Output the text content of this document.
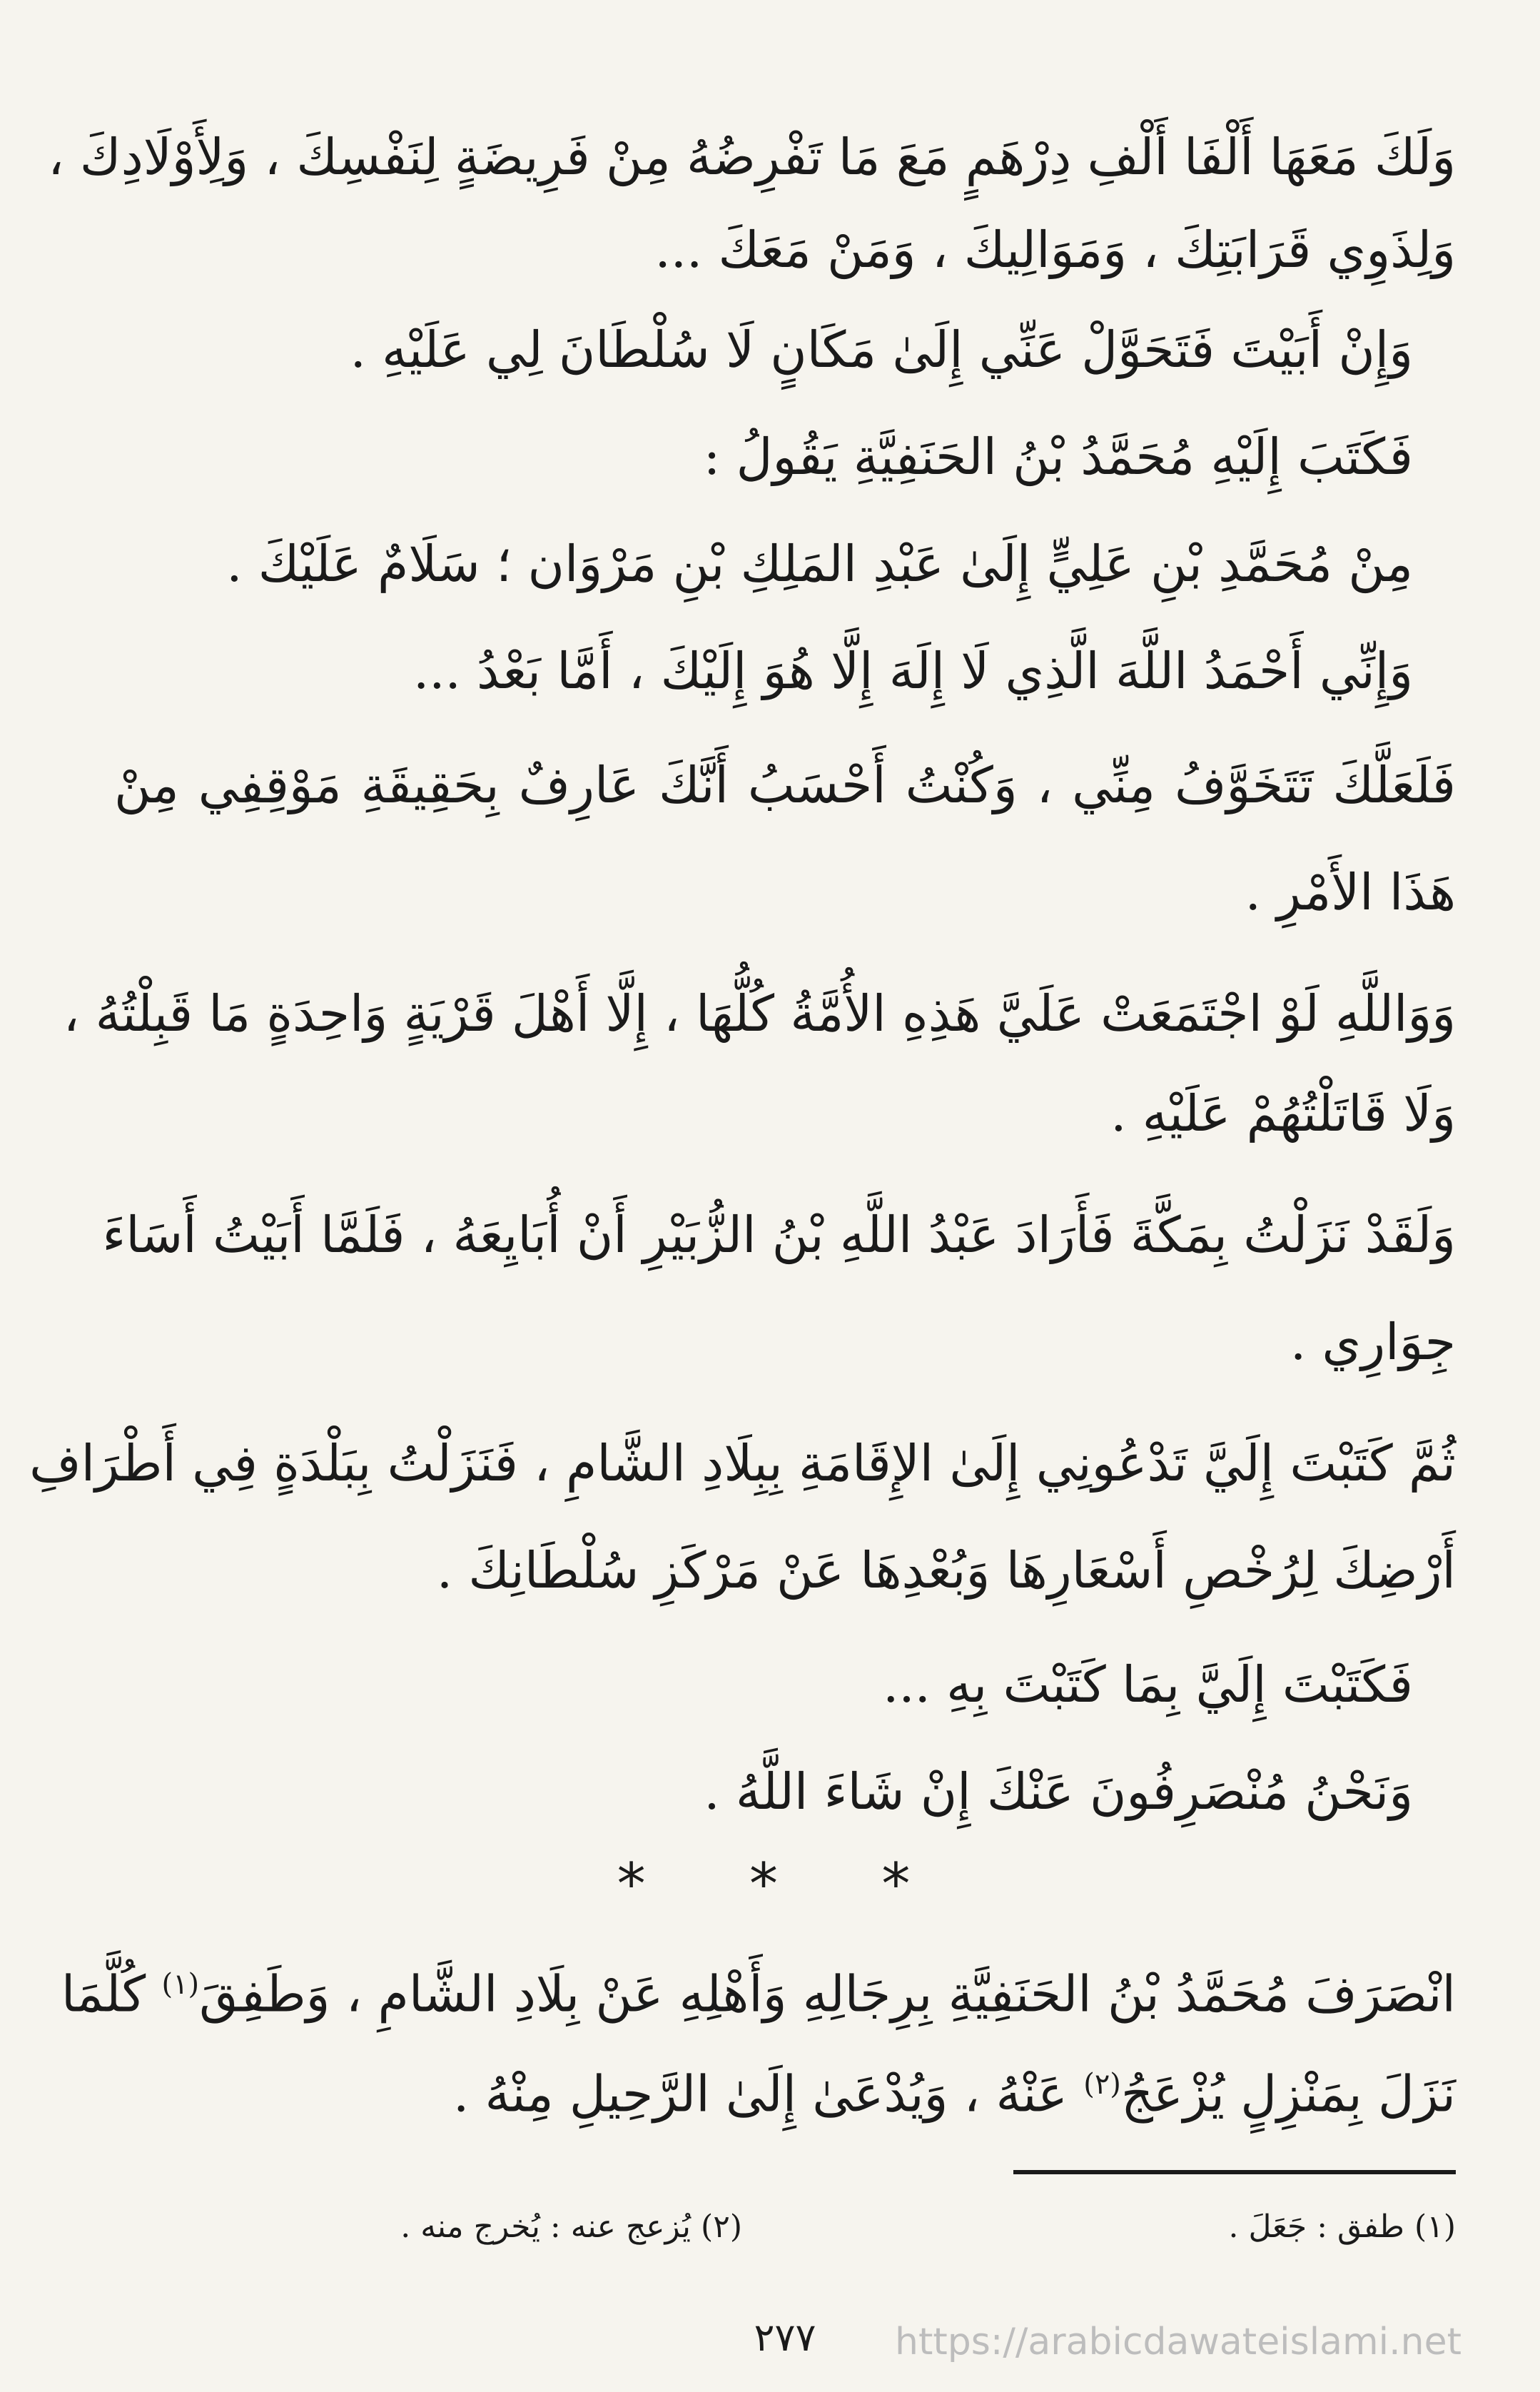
وَلَكَ مَعَهَا أَلْفَا أَلْفِ دِرْهَمٍ مَعَ مَا تَفْرِضُهُ مِنْ فَرِيضَةٍ لِنَفْسِكَ ، وَلِأَوْلَادِكَ ،
وَلِذَوِي قَرَابَتِكَ ، وَمَوَالِيكَ ، وَمَنْ مَعَكَ ...
وَإِنْ أَبَيْتَ فَتَحَوَّلْ عَنِّي إِلَىٰ مَكَانٍ لَا سُلْطَانَ لِي عَلَيْهِ .
فَكَتَبَ إِلَيْهِ مُحَمَّدُ بْنُ الحَنَفِيَّةِ يَقُولُ :
مِنْ مُحَمَّدِ بْنِ عَلِيٍّ إِلَىٰ عَبْدِ المَلِكِ بْنِ مَرْوَان ؛ سَلَامٌ عَلَيْكَ .
وَإِنِّي أَحْمَدُ اللَّهَ الَّذِي لَا إِلَهَ إِلَّا هُوَ إِلَيْكَ ، أَمَّا بَعْدُ ...
فَلَعَلَّكَ تَتَخَوَّفُ مِنِّي ، وَكُنْتُ أَحْسَبُ أَنَّكَ عَارِفٌ بِحَقِيقَةِ مَوْقِفِي مِنْ
هَذَا الأَمْرِ .
وَوَاللَّهِ لَوْ اجْتَمَعَتْ عَلَيَّ هَذِهِ الأُمَّةُ كُلُّهَا ، إِلَّا أَهْلَ قَرْيَةٍ وَاحِدَةٍ مَا قَبِلْتُهُ ،
وَلَا قَاتَلْتُهُمْ عَلَيْهِ .
وَلَقَدْ نَزَلْتُ بِمَكَّةَ فَأَرَادَ عَبْدُ اللَّهِ بْنُ الزُّبَيْرِ أَنْ أُبَايِعَهُ ، فَلَمَّا أَبَيْتُ أَسَاءَ
جِوَارِي .
ثُمَّ كَتَبْتَ إِلَيَّ تَدْعُونِي إِلَىٰ الإِقَامَةِ بِبِلَادِ الشَّامِ ، فَنَزَلْتُ بِبَلْدَةٍ فِي أَطْرَافِ
أَرْضِكَ لِرُخْصِ أَسْعَارِهَا وَبُعْدِهَا عَنْ مَرْكَزِ سُلْطَانِكَ .
فَكَتَبْتَ إِلَيَّ بِمَا كَتَبْتَ بِهِ ...
وَنَحْنُ مُنْصَرِفُونَ عَنْكَ إِنْ شَاءَ اللَّهُ .
* * *
انْصَرَفَ مُحَمَّدُ بْنُ الحَنَفِيَّةِ بِرِجَالِهِ وَأَهْلِهِ عَنْ بِلَادِ الشَّامِ ، وَطَفِقَ$^{(١)}$ كُلَّمَا
نَزَلَ بِمَنْزِلٍ يُزْعَجُ$^{(٢)}$ عَنْهُ ، وَيُدْعَىٰ إِلَىٰ الرَّحِيلِ مِنْهُ .
(١) طفق : جَعَلَ .
(٢) يُزعج عنه : يُخرج منه .
٢٧٧	https://arabicdawateislami.net
